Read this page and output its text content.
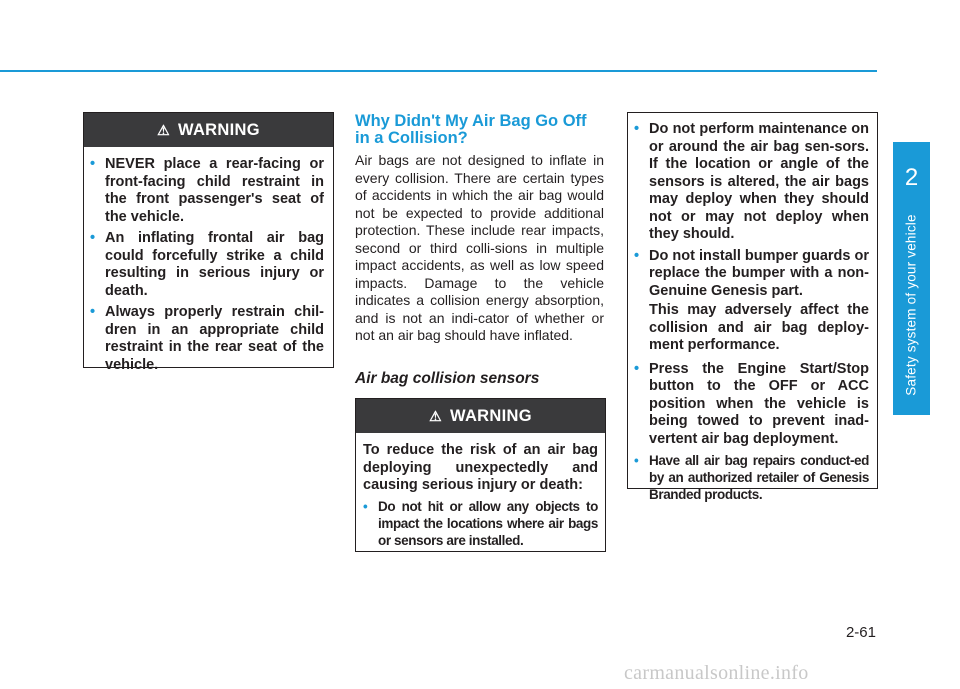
2
Safety system of your vehicle
⚠ WARNING
• NEVER place a rear-facing or front-facing child restraint in the front passenger's seat of the vehicle.
• An inflating frontal air bag could forcefully strike a child resulting in serious injury or death.
• Always properly restrain chil-dren in an appropriate child restraint in the rear seat of the vehicle.
Why Didn't My Air Bag Go Off in a Collision?
Air bags are not designed to inflate in every collision. There are certain types of accidents in which the air bag would not be expected to provide additional protection. These include rear impacts, second or third colli-sions in multiple impact accidents, as well as low speed impacts. Damage to the vehicle indicates a collision energy absorption, and is not an indi-cator of whether or not an air bag should have inflated.
Air bag collision sensors
⚠ WARNING
To reduce the risk of an air bag deploying unexpectedly and causing serious injury or death:
• Do not hit or allow any objects to impact the locations where air bags or sensors are installed.
• Do not perform maintenance on or around the air bag sen-sors. If the location or angle of the sensors is altered, the air bags may deploy when they should not or may not deploy when they should.
• Do not install bumper guards or replace the bumper with a non-Genuine Genesis part.
This may adversely affect the collision and air bag deploy-ment performance.
• Press the Engine Start/Stop button to the OFF or ACC position when the vehicle is being towed to prevent inad-vertent air bag deployment.
• Have all air bag repairs conduct-ed by an authorized retailer of Genesis Branded products.
2-61
carmanualsonline.info
